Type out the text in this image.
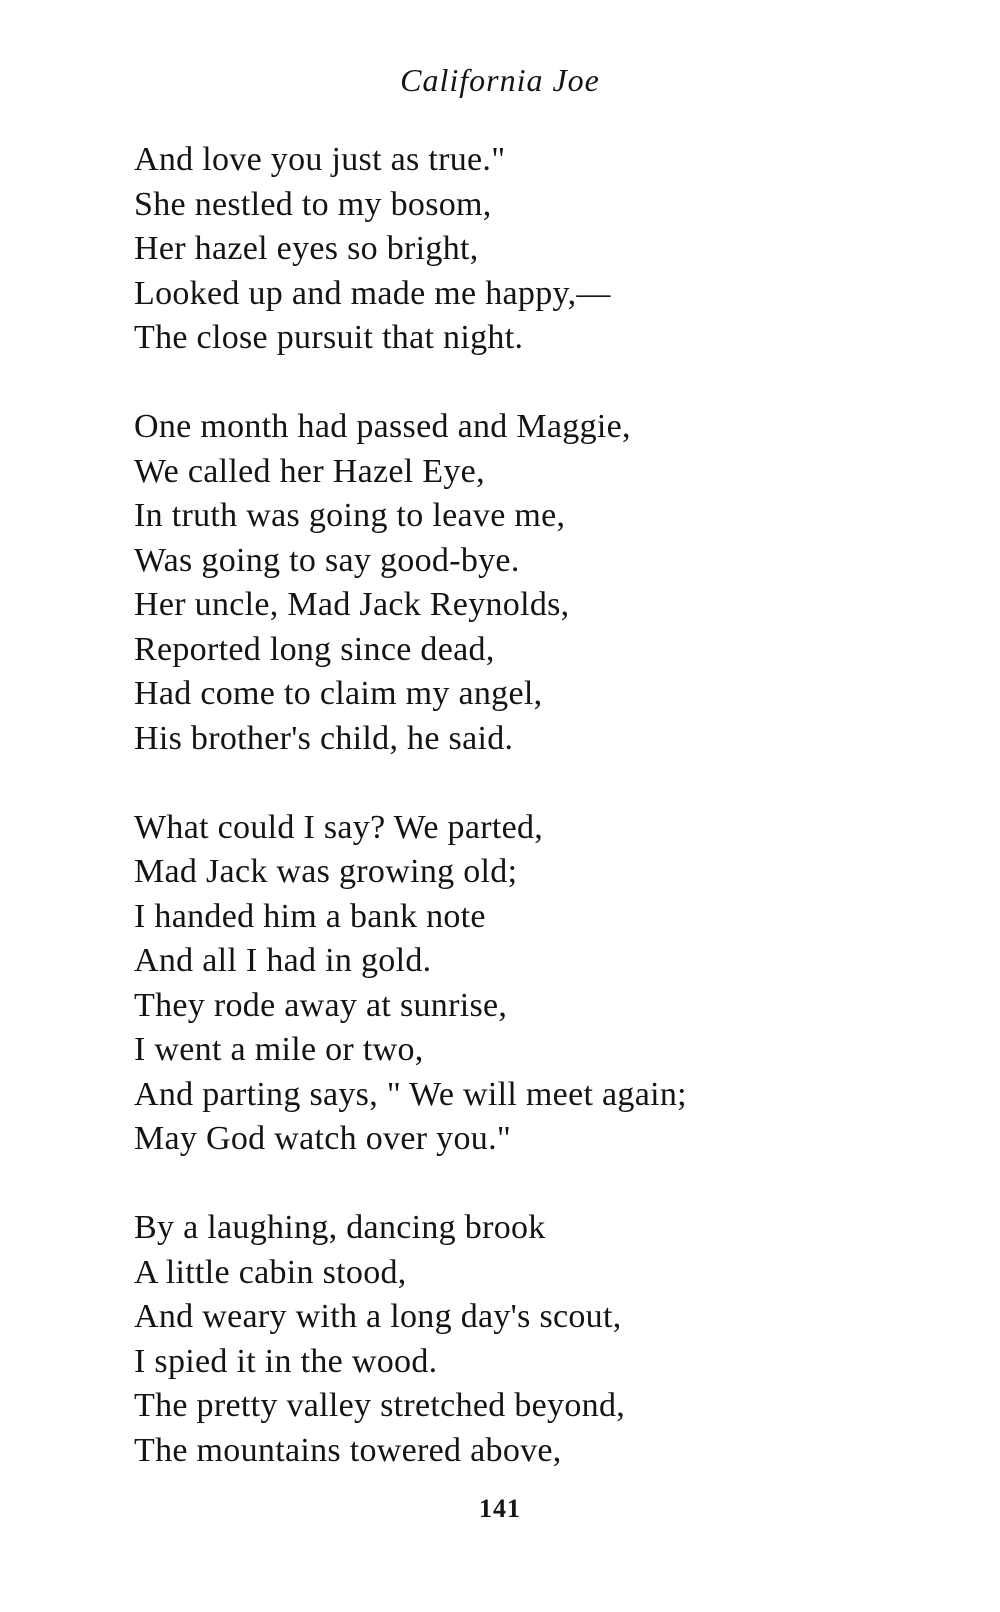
California Joe
And love you just as true."
She nestled to my bosom,
Her hazel eyes so bright,
Looked up and made me happy,—
The close pursuit that night.
One month had passed and Maggie,
We called her Hazel Eye,
In truth was going to leave me,
Was going to say good-bye.
Her uncle, Mad Jack Reynolds,
Reported long since dead,
Had come to claim my angel,
His brother's child, he said.
What could I say? We parted,
Mad Jack was growing old;
I handed him a bank note
And all I had in gold.
They rode away at sunrise,
I went a mile or two,
And parting says, " We will meet again;
May God watch over you."
By a laughing, dancing brook
A little cabin stood,
And weary with a long day's scout,
I spied it in the wood.
The pretty valley stretched beyond,
The mountains towered above,
141
